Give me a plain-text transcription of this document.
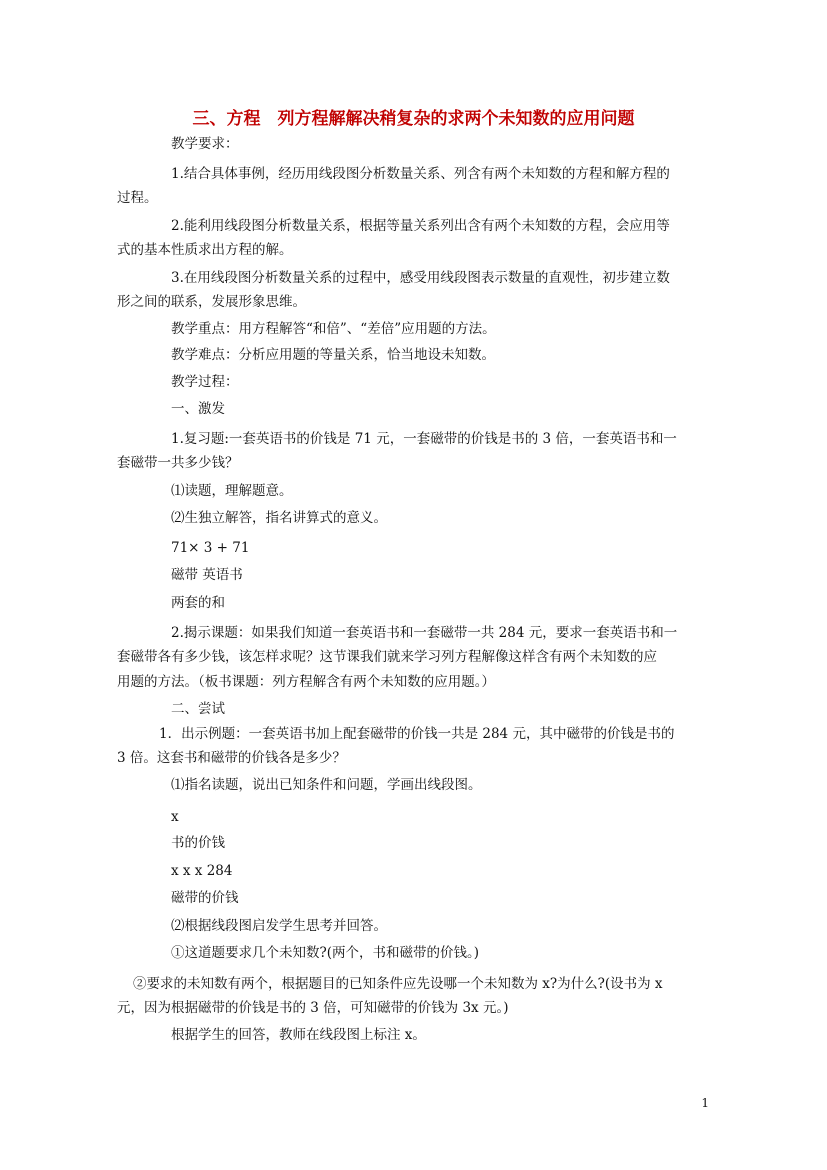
三、方程　列方程解解决稍复杂的求两个未知数的应用问题

教学要求：

1.结合具体事例，经历用线段图分析数量关系、列含有两个未知数的方程和解方程的

过程。

2.能利用线段图分析数量关系，根据等量关系列出含有两个未知数的方程，会应用等

式的基本性质求出方程的解。

3.在用线段图分析数量关系的过程中，感受用线段图表示数量的直观性，初步建立数

形之间的联系，发展形象思维。

教学重点：用方程解答“和倍”、“差倍”应用题的方法。

教学难点：分析应用题的等量关系，恰当地设未知数。

教学过程：

一、激发

1.复习题:一套英语书的价钱是 71 元，一套磁带的价钱是书的 3 倍，一套英语书和一

套磁带一共多少钱？

⑴读题，理解题意。

⑵生独立解答，指名讲算式的意义。

71× 3 + 71

磁带 英语书

两套的和

2.揭示课题：如果我们知道一套英语书和一套磁带一共 284 元，要求一套英语书和一

套磁带各有多少钱，该怎样求呢？这节课我们就来学习列方程解像这样含有两个未知数的应

用题的方法。（板书课题：列方程解含有两个未知数的应用题。）

二、尝试

1．出示例题：一套英语书加上配套磁带的价钱一共是 284 元，其中磁带的价钱是书的

3 倍。这套书和磁带的价钱各是多少？

⑴指名读题，说出已知条件和问题，学画出线段图。

x

书的价钱

x x x 284

磁带的价钱

⑵根据线段图启发学生思考并回答。

①这道题要求几个未知数?(两个，书和磁带的价钱。)

②要求的未知数有两个，根据题目的已知条件应先设哪一个未知数为 x?为什么?(设书为 x

元，因为根据磁带的价钱是书的 3 倍，可知磁带的价钱为 3x 元。)

根据学生的回答，教师在线段图上标注 x。

1
